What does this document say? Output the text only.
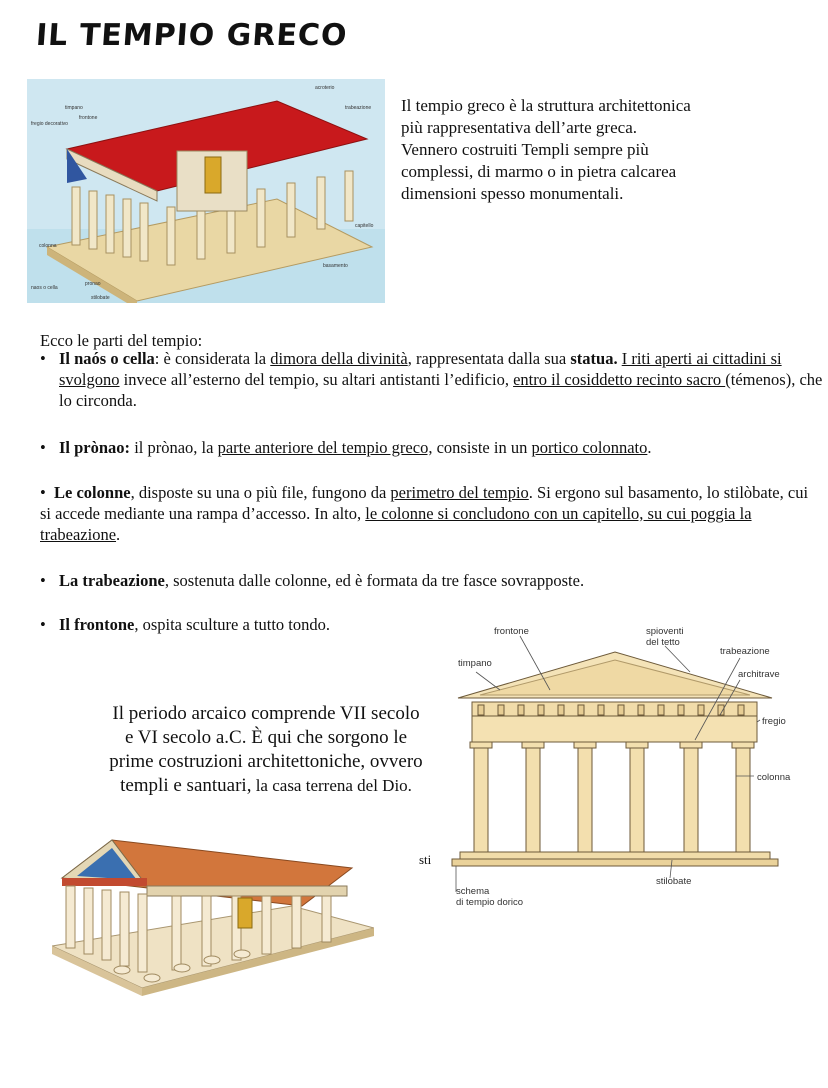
IL TEMPIO GRECO
timpano
frontone
fregio decorativo
acroterio
trabeazione
capitello
colonna
basamento
pronao
stilobate
naos o cella

Il tempio greco è la struttura architettonica più rappresentativa dell’arte greca.

Vennero costruiti Templi sempre più complessi, di marmo o in pietra calcarea dimensioni spesso monumentali.

Ecco le parti del tempio:
• Il naós o cella: è considerata la dimora della divinità, rappresentata dalla sua statua. I riti aperti ai cittadini si svolgono invece all’esterno del tempio, su altari antistanti l’edificio, entro il cosiddetto recinto sacro (témenos), che lo circonda.
• Il prònao: il prònao, la parte anteriore del tempio greco, consiste in un portico colonnato.
•  Le colonne, disposte su una o più file, fungono da perimetro del tempio. Si ergono sul basamento, lo stilòbate, cui si accede mediante una rampa d’accesso. In alto, le colonne si concludono con un capitello, su cui poggia la trabeazione.
• La trabeazione, sostenuta dalle colonne, ed è formata da tre fasce sovrapposte.
• Il frontone, ospita sculture a tutto tondo.	frontone	spioventi
del tetto
timpano
trabeazione
architrave
fregio
colonna
stilobate
schema
di tempio dorico
sti
Il periodo arcaico comprende VII secolo e VI secolo a.C. È qui che sorgono le prime costruzioni architettoniche, ovvero templi e santuari, la casa terrena del Dio.
